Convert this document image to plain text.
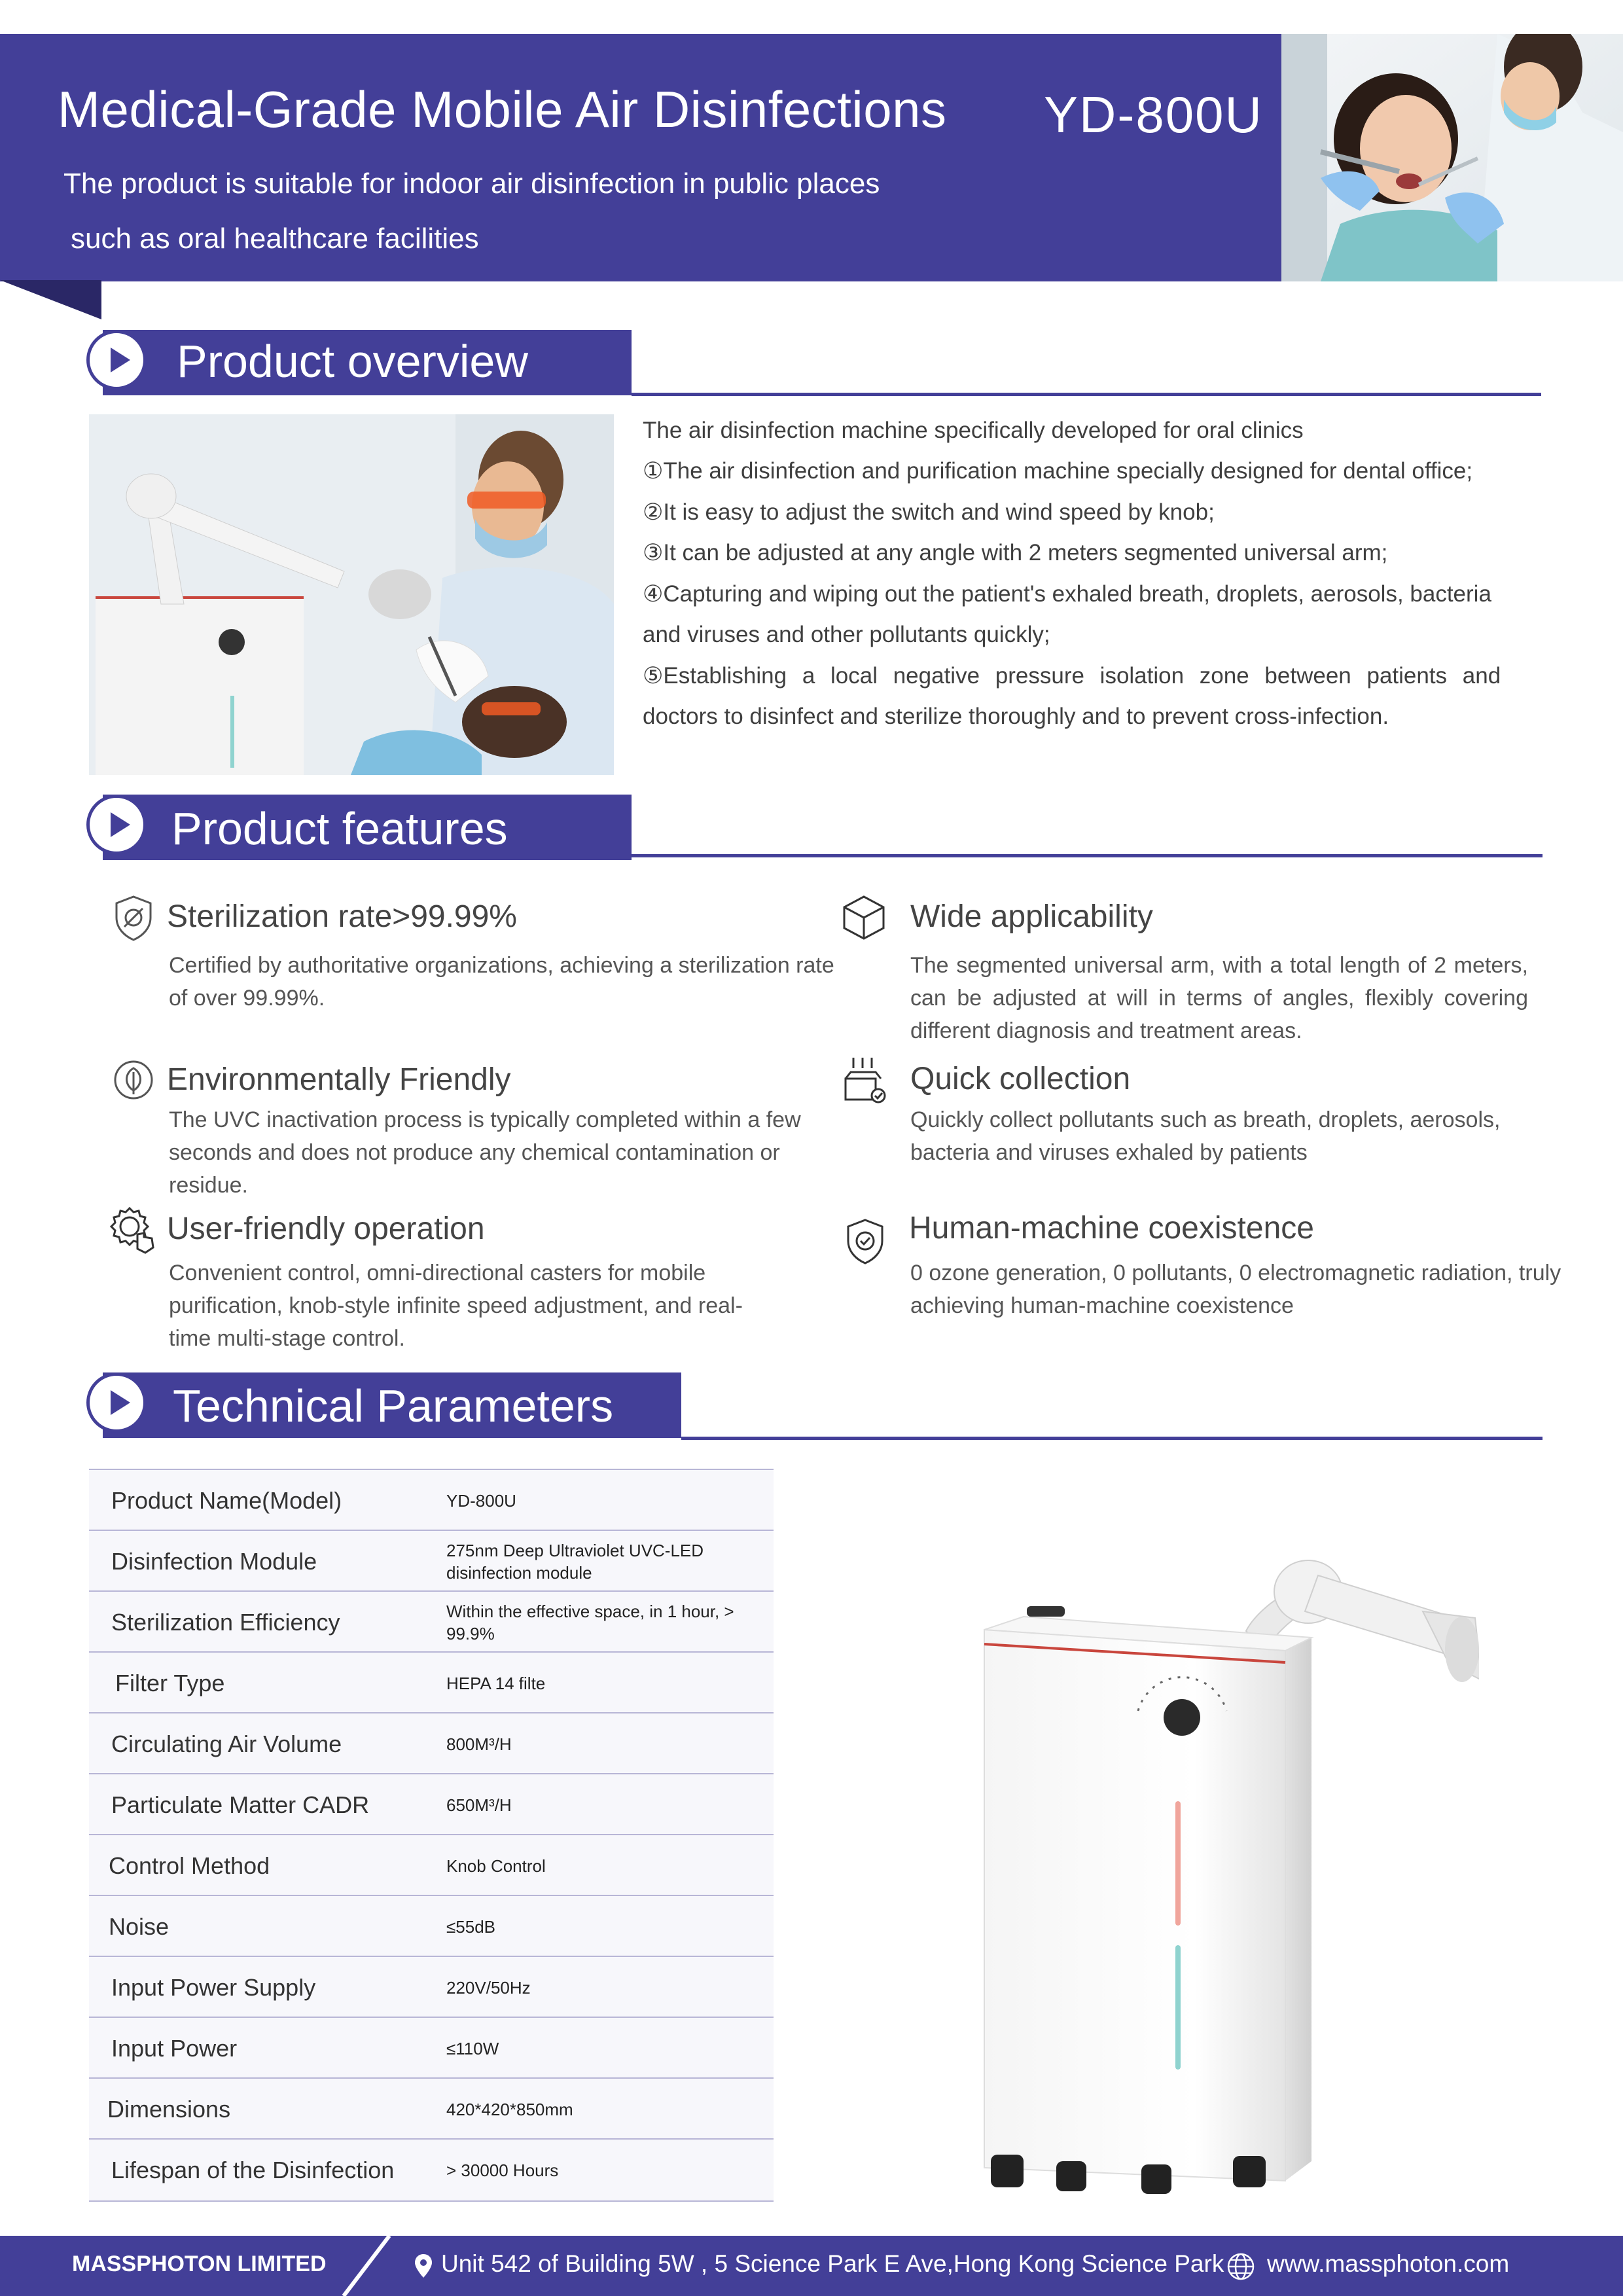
Medical-Grade Mobile Air Disinfections YD-800U
The product is suitable for indoor air disinfection in public places
such as oral healthcare facilities
Product overview
The air disinfection machine specifically developed for oral clinics
①The air disinfection and purification machine specially designed for dental office;
②It is easy to adjust the switch and wind speed by knob;
③It can be adjusted at any angle with 2 meters segmented universal arm;
④Capturing and wiping out the patient's exhaled breath, droplets, aerosols, bacteria
and viruses and other pollutants quickly;
⑤Establishing a local negative pressure isolation zone between patients and
doctors to disinfect and sterilize thoroughly and to prevent cross-infection.
Product features
Sterilization rate>99.99%
Certified by authoritative organizations, achieving a sterilization rate of over 99.99%.
Wide applicability
The segmented universal arm, with a total length of 2 meters, can be adjusted at will in terms of angles, flexibly covering different diagnosis and treatment areas.
Environmentally Friendly
The UVC inactivation process is typically completed within a few seconds and does not produce any chemical contamination or residue.
Quick collection
Quickly collect pollutants such as breath, droplets, aerosols, bacteria and viruses exhaled by patients
User-friendly operation
Convenient control, omni-directional casters for mobile purification, knob-style infinite speed adjustment, and real-time multi-stage control.
Human-machine coexistence
0 ozone generation, 0 pollutants, 0 electromagnetic radiation, truly achieving human-machine coexistence
Technical Parameters
Product Name(Model)	YD-800U
Disinfection Module	275nm Deep Ultraviolet UVC-LED disinfection module
Sterilization Efficiency	Within the effective space, in 1 hour, > 99.9%
Filter Type	HEPA 14 filte
Circulating Air Volume	800M³/H
Particulate Matter CADR	650M³/H
Control Method	Knob Control
Noise	≤55dB
Input Power Supply	220V/50Hz
Input Power	≤110W
Dimensions	420*420*850mm
Lifespan of the Disinfection	> 30000 Hours
MASSPHOTON LIMITED	Unit 542 of Building 5W , 5 Science Park E Ave,Hong Kong Science Park www.massphoton.com
